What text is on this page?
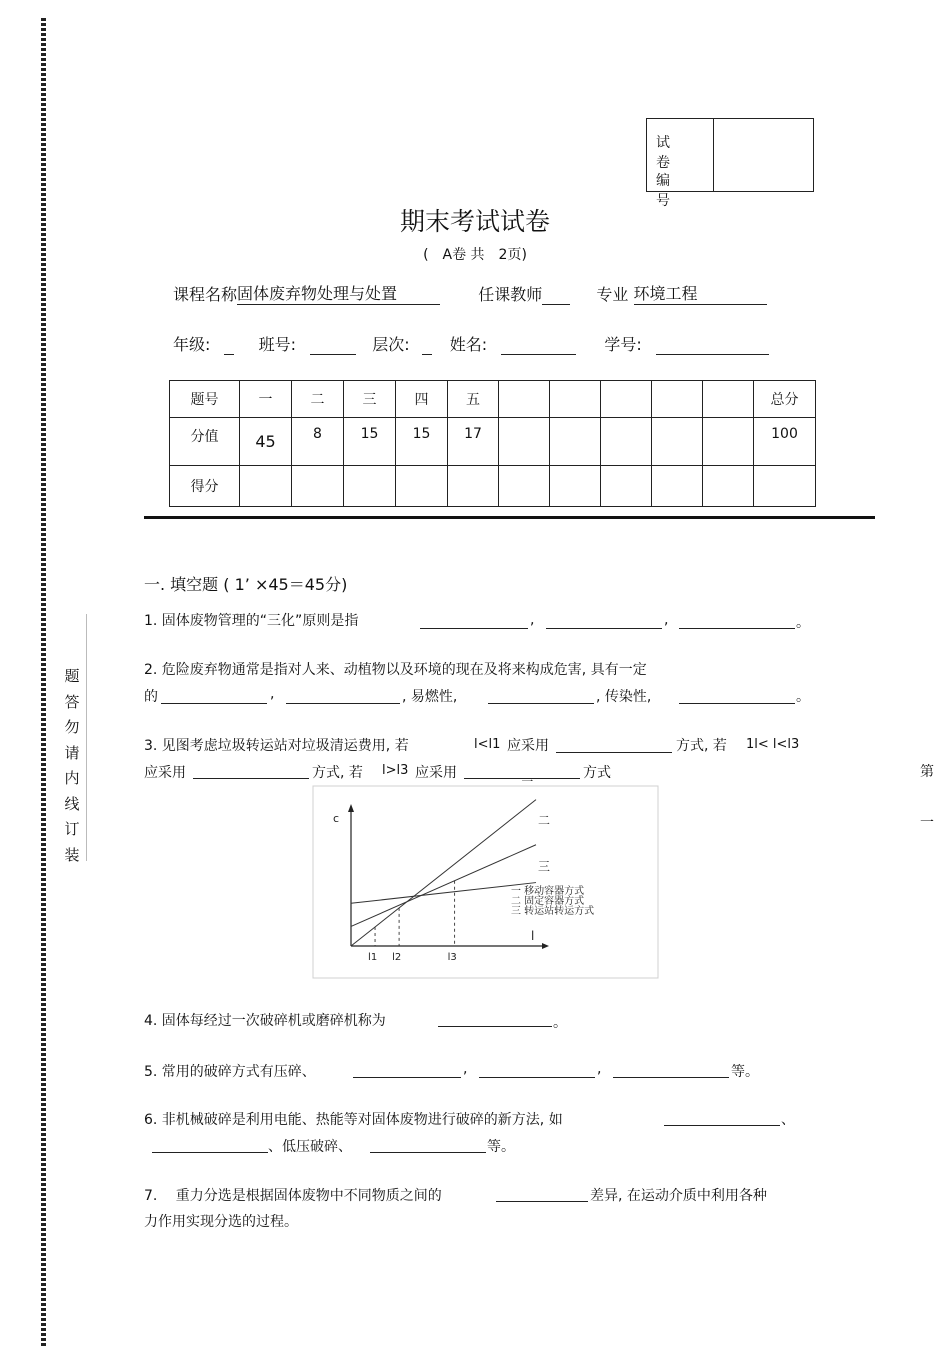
题
答
勿
请
内
线
订
装
第
一
试卷
编号
期末考试试卷
(　A卷 共　2页)
课程名称固体废弃物处理与处置	任课教师	专业 环境工程
年级:	班号:	层次:	姓名:	学号:
题号	一	二	三	四	五						总分
分值	45	8	15	15	17						100
得分											
一. 填空题 ( 1’ ×45＝45分)
1. 固体废物管理的“三化”原则是指	,	,	。
2. 危险废弃物通常是指对人来、动植物以及环境的现在及将来构成危害, 具有一定
的	,	, 易燃性,	, 传染性,	。
3. 见图考虑垃圾转运站对垃圾清运费用, 若	l<l1 应采用	方式, 若 1l< l<l3
应采用	方式, 若 l>l3 应采用	方式
c
l
一
二
三
l1 l2	l3
一 移动容器方式
二 固定容器方式
三 转运站转运方式
4. 固体每经过一次破碎机或磨碎机称为	。
5. 常用的破碎方式有压碎、	,	,	等。
6. 非机械破碎是利用电能、热能等对固体废物进行破碎的新方法, 如	、
、低压破碎、	等。
7.　 重力分选是根据固体废物中不同物质之间的	差异, 在运动介质中利用各种
力作用实现分选的过程。
